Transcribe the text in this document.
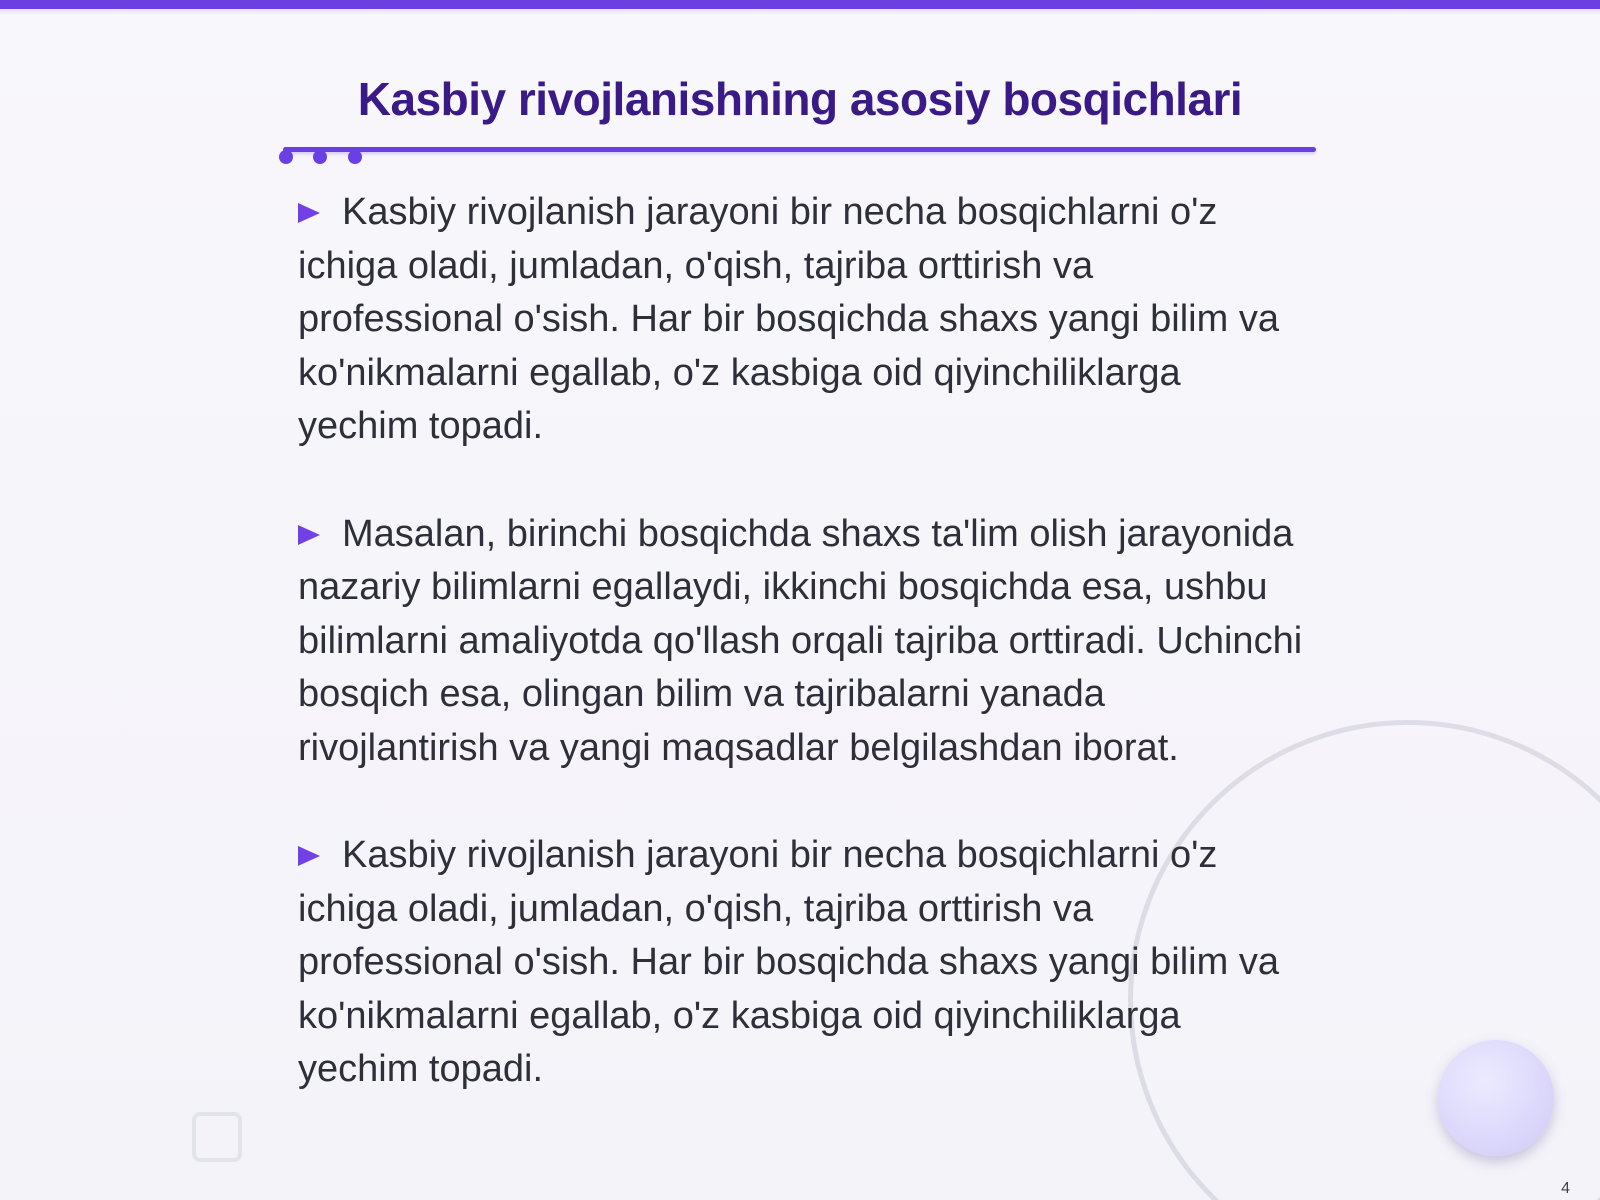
Kasbiy rivojlanishning asosiy bosqichlari

Kasbiy rivojlanish jarayoni bir necha bosqichlarni o'z ichiga oladi, jumladan, o'qish, tajriba orttirish va professional o'sish. Har bir bosqichda shaxs yangi bilim va ko'nikmalarni egallab, o'z kasbiga oid qiyinchiliklarga yechim topadi.

Masalan, birinchi bosqichda shaxs ta'lim olish jarayonida nazariy bilimlarni egallaydi, ikkinchi bosqichda esa, ushbu bilimlarni amaliyotda qo'llash orqali tajriba orttiradi. Uchinchi bosqich esa, olingan bilim va tajribalarni yanada rivojlantirish va yangi maqsadlar belgilashdan iborat.

Kasbiy rivojlanish jarayoni bir necha bosqichlarni o'z ichiga oladi, jumladan, o'qish, tajriba orttirish va professional o'sish. Har bir bosqichda shaxs yangi bilim va ko'nikmalarni egallab, o'z kasbiga oid qiyinchiliklarga yechim topadi.

4
